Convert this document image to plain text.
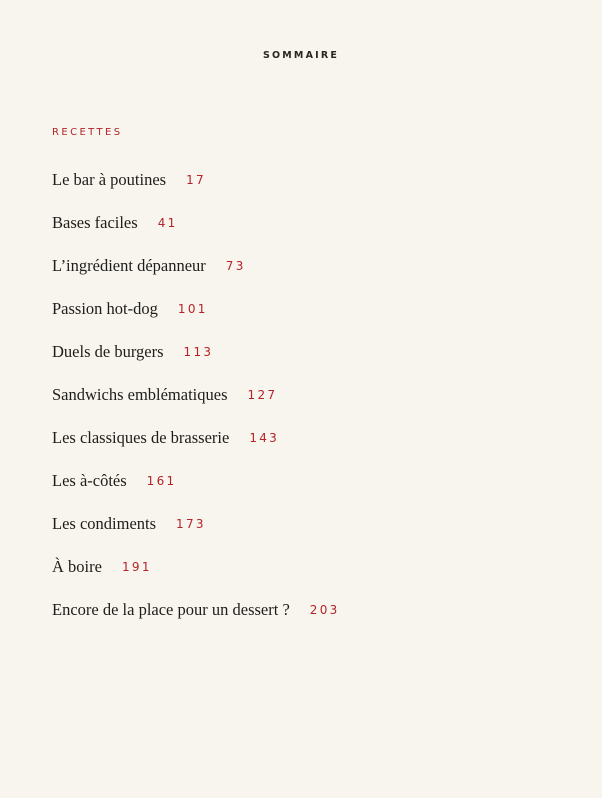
SOMMAIRE
RECETTES
Le bar à poutines 17
Bases faciles 41
L’ingrédient dépanneur 73
Passion hot-dog 101
Duels de burgers 113
Sandwichs emblématiques 127
Les classiques de brasserie 143
Les à-côtés 161
Les condiments 173
À boire 191
Encore de la place pour un dessert ? 203
